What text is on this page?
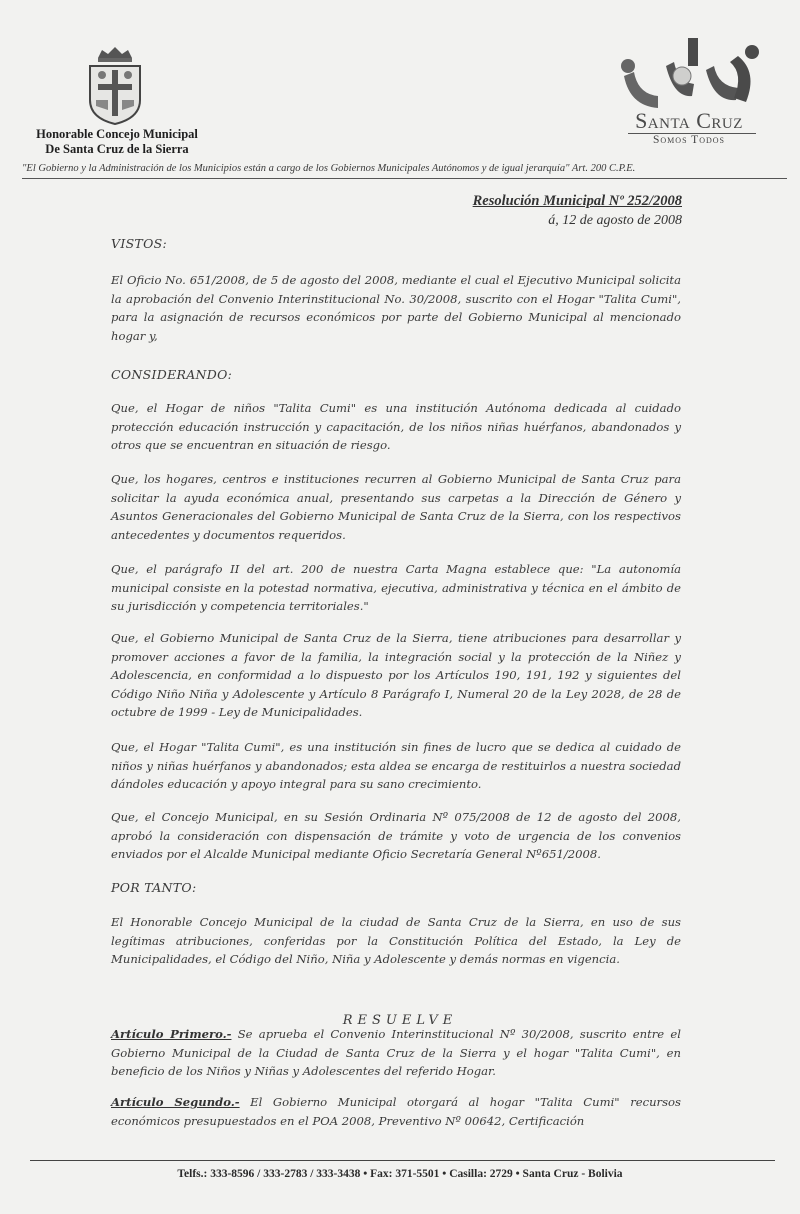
Honorable Concejo Municipal
De Santa Cruz de la Sierra
Santa Cruz
Somos Todos
"El Gobierno y la Administración de los Municipios están a cargo de los Gobiernos Municipales Autónomos y de igual jerarquía" Art. 200 C.P.E.
Resolución Municipal Nº 252/2008
á, 12 de agosto de 2008
VISTOS:
El Oficio No. 651/2008, de 5 de agosto del 2008, mediante el cual el Ejecutivo Municipal solicita la aprobación del Convenio Interinstitucional No. 30/2008, suscrito con el Hogar "Talita Cumi", para la asignación de recursos económicos por parte del Gobierno Municipal al mencionado hogar y,
CONSIDERANDO:
Que, el Hogar de niños "Talita Cumi" es una institución Autónoma dedicada al cuidado protección educación instrucción y capacitación, de los niños niñas huérfanos, abandonados y otros que se encuentran en situación de riesgo.
Que, los hogares, centros e instituciones recurren al Gobierno Municipal de Santa Cruz para solicitar la ayuda económica anual, presentando sus carpetas a la Dirección de Género y Asuntos Generacionales del Gobierno Municipal de Santa Cruz de la Sierra, con los respectivos antecedentes y documentos requeridos.
Que, el parágrafo II del art. 200 de nuestra Carta Magna establece que: "La autonomía municipal consiste en la potestad normativa, ejecutiva, administrativa y técnica en el ámbito de su jurisdicción y competencia territoriales."
Que, el Gobierno Municipal de Santa Cruz de la Sierra, tiene atribuciones para desarrollar y promover acciones a favor de la familia, la integración social y la protección de la Niñez y Adolescencia, en conformidad a lo dispuesto por los Artículos 190, 191, 192 y siguientes del Código Niño Niña y Adolescente y Artículo 8 Parágrafo I, Numeral 20 de la Ley 2028, de 28 de octubre de 1999 - Ley de Municipalidades.
Que, el Hogar "Talita Cumi", es una institución sin fines de lucro que se dedica al cuidado de niños y niñas huérfanos y abandonados; esta aldea se encarga de restituirlos a nuestra sociedad dándoles educación y apoyo integral para su sano crecimiento.
Que, el Concejo Municipal, en su Sesión Ordinaria Nº 075/2008 de 12 de agosto del 2008, aprobó la consideración con dispensación de trámite y voto de urgencia de los convenios enviados por el Alcalde Municipal mediante Oficio Secretaría General Nº651/2008.
POR TANTO:
El Honorable Concejo Municipal de la ciudad de Santa Cruz de la Sierra, en uso de sus legítimas atribuciones, conferidas por la Constitución Política del Estado, la Ley de Municipalidades, el Código del Niño, Niña y Adolescente y demás normas en vigencia.
RESUELVE
Artículo Primero.- Se aprueba el Convenio Interinstitucional Nº 30/2008, suscrito entre el Gobierno Municipal de la Ciudad de Santa Cruz de la Sierra y el hogar "Talita Cumi", en beneficio de los Niños y Niñas y Adolescentes del referido Hogar.
Artículo Segundo.- El Gobierno Municipal otorgará al hogar "Talita Cumi" recursos económicos presupuestados en el POA 2008, Preventivo Nº 00642, Certificación
Telfs.: 333-8596 / 333-2783 / 333-3438 • Fax: 371-5501 • Casilla: 2729 • Santa Cruz - Bolivia
